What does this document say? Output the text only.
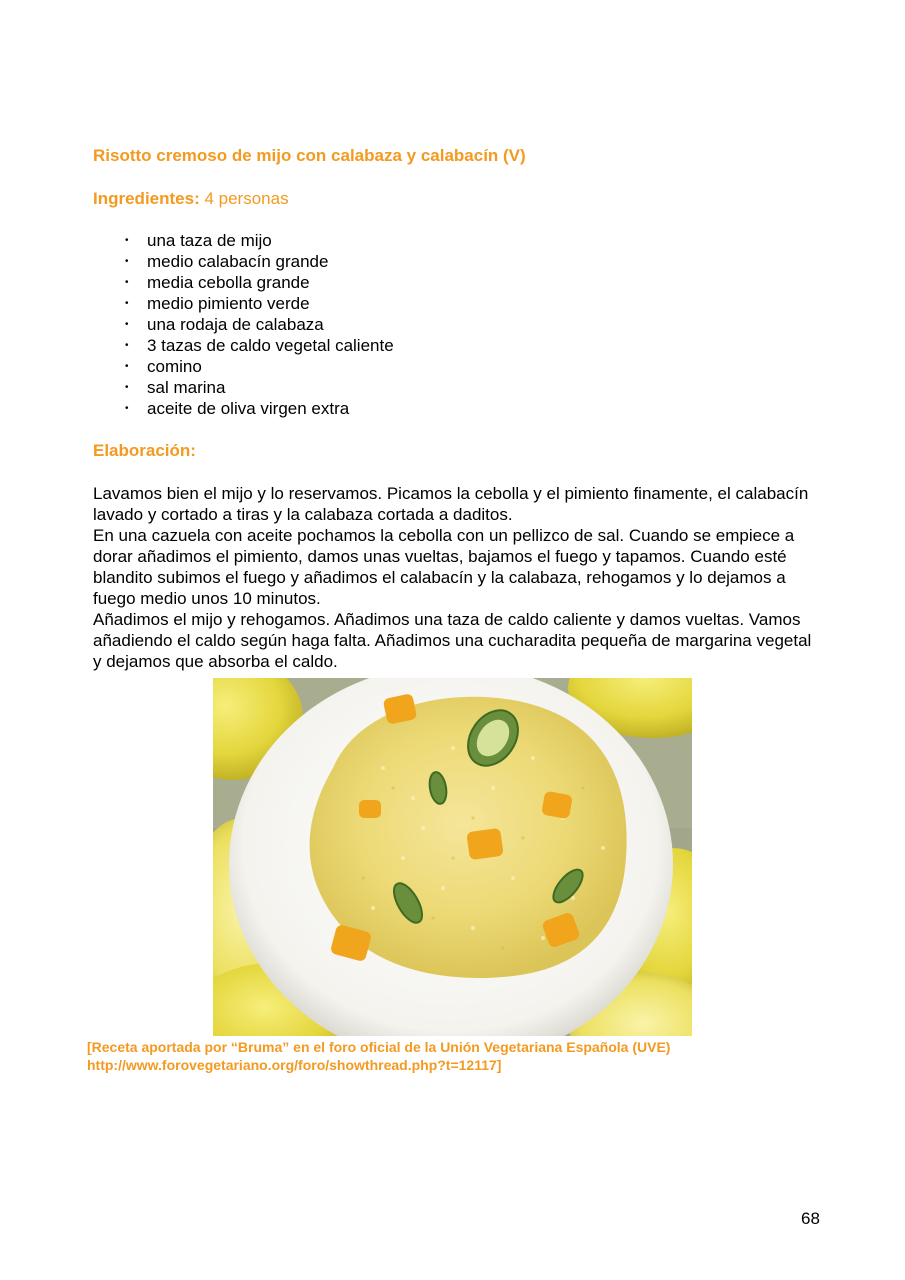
Risotto cremoso de mijo con calabaza y calabacín (V)
Ingredientes: 4 personas
• una taza de mijo
• medio calabacín grande
• media cebolla grande
• medio pimiento verde
• una rodaja de calabaza
• 3 tazas de caldo vegetal caliente
• comino
• sal marina
• aceite de oliva virgen extra
Elaboración:

Lavamos bien el mijo y lo reservamos. Picamos la cebolla y el pimiento finamente, el calabacín lavado y cortado a tiras y la calabaza cortada a daditos.

En una cazuela con aceite pochamos la cebolla con un pellizco de sal. Cuando se empiece a dorar añadimos el pimiento, damos unas vueltas, bajamos el fuego y tapamos. Cuando esté blandito subimos el fuego y añadimos el calabacín y la calabaza, rehogamos y lo dejamos a fuego medio unos 10 minutos.

Añadimos el mijo y rehogamos. Añadimos una taza de caldo caliente y damos vueltas. Vamos añadiendo el caldo según haga falta. Añadimos una cucharadita pequeña de margarina vegetal y dejamos que absorba el caldo.

[Receta aportada por “Bruma” en el foro oficial de la Unión Vegetariana Española (UVE)

http://www.forovegetariano.org/foro/showthread.php?t=12117]

68
